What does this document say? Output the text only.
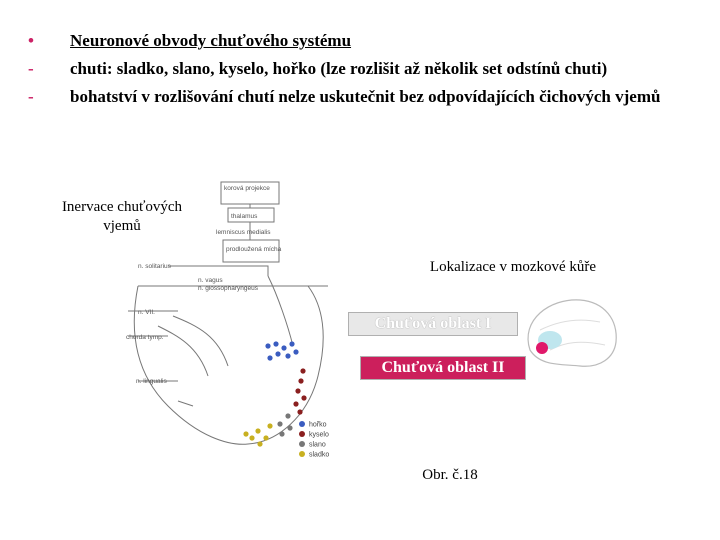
•	Neuronové obvody chuťového systému
-	chuti: sladko, slano, kyselo, hořko (lze rozlišit až několik set odstínů chuti)
-	bohatství v rozlišování chutí nelze uskutečnit bez odpovídajících čichových vjemů
Inervace chuťových vjemů
korová projekce
thalamus
lemniscus medialis
prodloužená mícha
n. solitarius
n. vagus
n. glossopharyngeus
n. VII.
chorda tymp.
n. lingualis
hořko
kyselo
slano
sladko
Lokalizace v mozkové kůře
Chuťová oblast I
Chuťová oblast II
Obr. č.18
